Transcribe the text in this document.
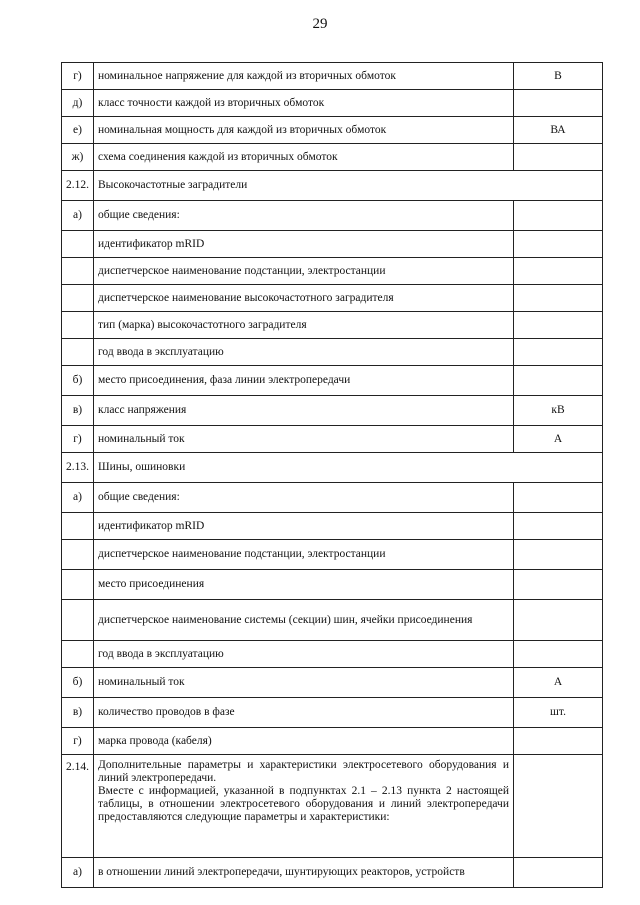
29
г)	номинальное напряжение для каждой из вторичных обмоток	В
д)	класс точности каждой из вторичных обмоток	
е)	номинальная мощность для каждой из вторичных обмоток	ВА
ж)	схема соединения каждой из вторичных обмоток	
2.12.	Высокочастотные заградители	
а)	общие сведения:	
	идентификатор mRID	
	диспетчерское наименование подстанции, электростанции	
	диспетчерское наименование высокочастотного заградителя	
	тип (марка) высокочастотного заградителя	
	год ввода в эксплуатацию	
б)	место присоединения, фаза линии электропередачи	
в)	класс напряжения	кВ
г)	номинальный ток	А
2.13.	Шины, ошиновки	
а)	общие сведения:	
	идентификатор mRID	
	диспетчерское наименование подстанции, электростанции	
	место присоединения	
	диспетчерское наименование системы (секции) шин, ячейки присоединения	
	год ввода в эксплуатацию	
б)	номинальный ток	А
в)	количество проводов в фазе	шт.
г)	марка провода (кабеля)	
2.14.	Дополнительные параметры и характеристики электросетевого оборудования и линий электропередачи.
Вместе с информацией, указанной в подпунктах 2.1 – 2.13 пункта 2 настоящей таблицы, в отношении электросетевого оборудования и линий электропередачи предоставляются следующие параметры и характеристики:	

а)	в отношении линий электропередачи, шунтирующих реакторов, устройств	
